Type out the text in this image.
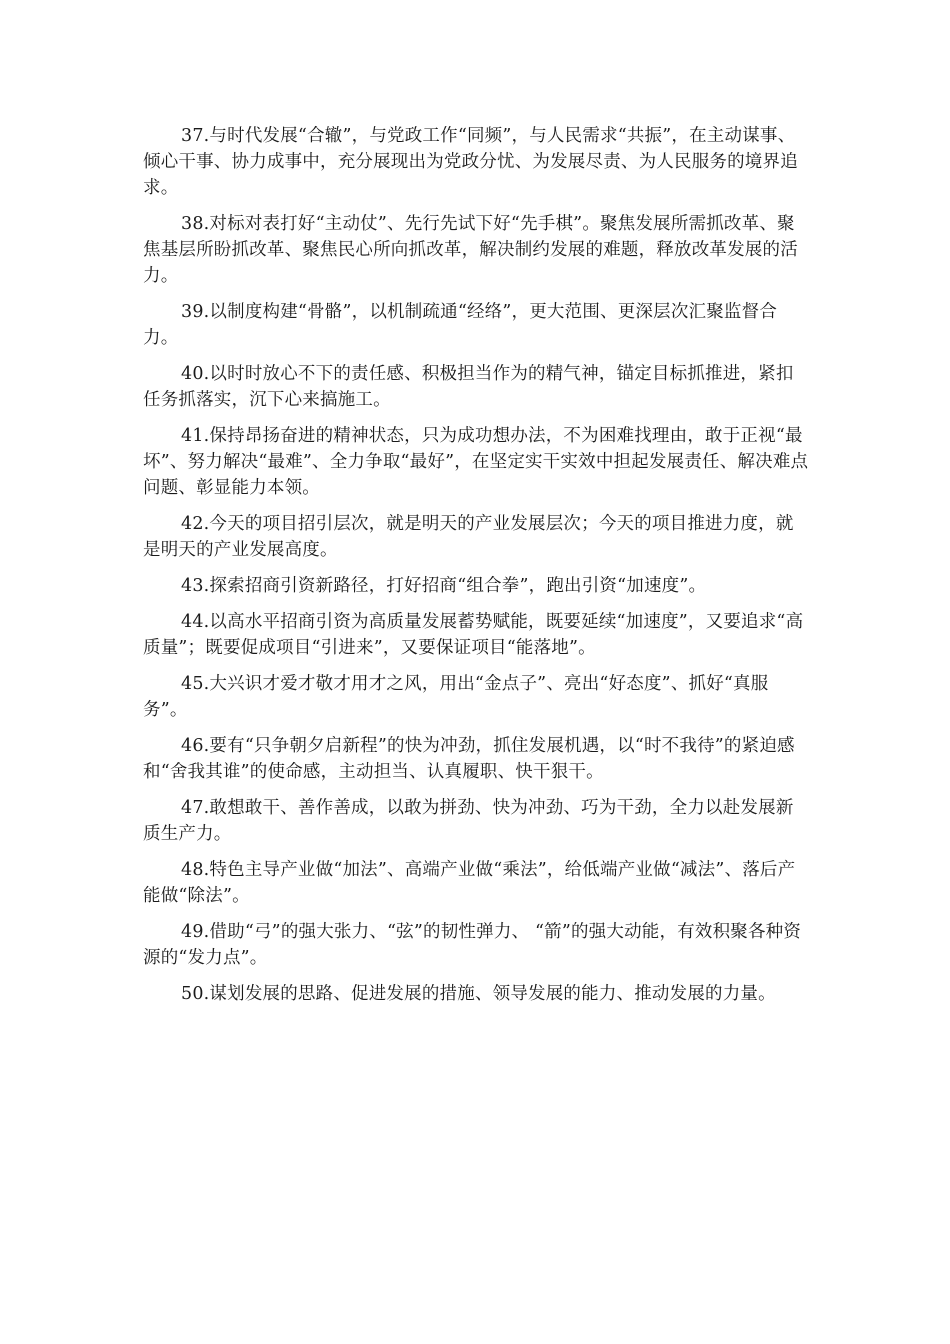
37.与时代发展“合辙”，与党政工作“同频”，与人民需求“共振”，在主动谋事、倾心干事、协力成事中，充分展现出为党政分忧、为发展尽责、为人民服务的境界追求。

38.对标对表打好“主动仗”、先行先试下好“先手棋”。聚焦发展所需抓改革、聚焦基层所盼抓改革、聚焦民心所向抓改革，解决制约发展的难题，释放改革发展的活力。

39.以制度构建“骨骼”，以机制疏通“经络”，更大范围、更深层次汇聚监督合力。

40.以时时放心不下的责任感、积极担当作为的精气神，锚定目标抓推进，紧扣任务抓落实，沉下心来搞施工。

41.保持昂扬奋进的精神状态，只为成功想办法，不为困难找理由，敢于正视“最坏”、努力解决“最难”、全力争取“最好”，在坚定实干实效中担起发展责任、解决难点问题、彰显能力本领。

42.今天的项目招引层次，就是明天的产业发展层次；今天的项目推进力度，就是明天的产业发展高度。

43.探索招商引资新路径，打好招商“组合拳”，跑出引资“加速度”。

44.以高水平招商引资为高质量发展蓄势赋能，既要延续“加速度”，又要追求“高质量”；既要促成项目“引进来”，又要保证项目“能落地”。

45.大兴识才爱才敬才用才之风，用出“金点子”、亮出“好态度”、抓好“真服务”。

46.要有“只争朝夕启新程”的快为冲劲，抓住发展机遇，以“时不我待”的紧迫感和“舍我其谁”的使命感，主动担当、认真履职、快干狠干。

47.敢想敢干、善作善成，以敢为拼劲、快为冲劲、巧为干劲，全力以赴发展新质生产力。

48.特色主导产业做“加法”、高端产业做“乘法”，给低端产业做“减法”、落后产能做“除法”。

49.借助“弓”的强大张力、“弦”的韧性弹力、 “箭”的强大动能，有效积聚各种资源的“发力点”。

50.谋划发展的思路、促进发展的措施、领导发展的能力、推动发展的力量。
